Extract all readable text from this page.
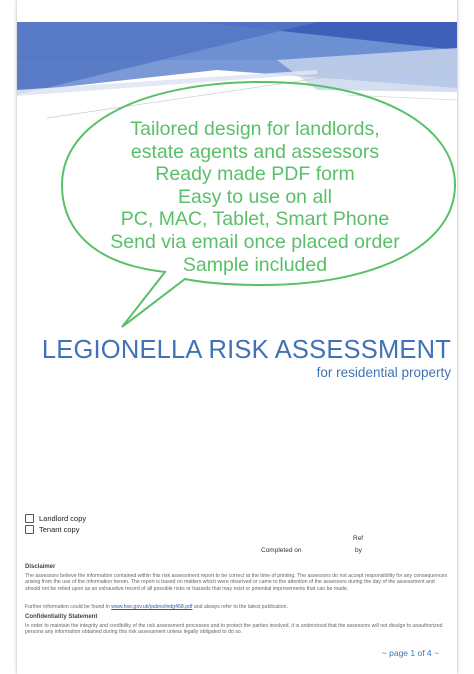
Tailored design for landlords,
estate agents and assessors
Ready made PDF form
Easy to use on all
PC, MAC, Tablet, Smart Phone
Send via email once placed order
Sample included
LEGIONELLA RISK ASSESSMENT
for residential property
Landlord copy
Tenant copy
Ref
Completed on	by
Disclaimer
The assessors believe the information contained within this risk assessment report to be correct at the time of printing. The assessors do not accept responsibility for any consequences arising from the use of the information herein. The report is based on matters which were observed or came to the attention of the assessors during the day of the assessment and should not be relied upon as an exhaustive record of all possible risks or hazards that may exist or potential improvements that can be made.
Further information could be found in www.hse.gov.uk/pubns/indg458.pdf and always refer to the latest publication.
Confidentiality Statement
In order to maintain the integrity and credibility of the risk assessment processes and to protect the parties involved, it is understood that the assessors will not divulge to unauthorized persons any information obtained during this risk assessment unless legally obligated to do so.
~ page 1 of 4 ~
